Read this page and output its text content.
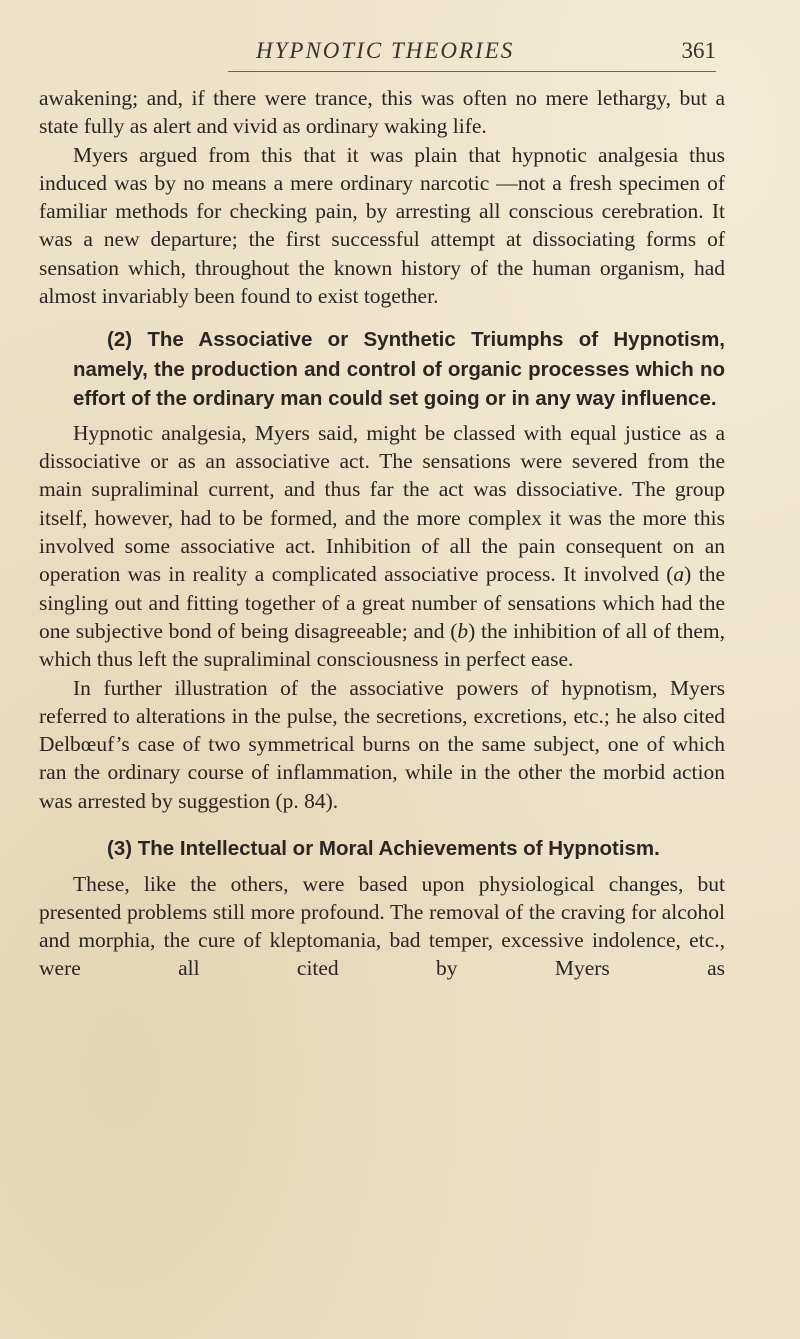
HYPNOTIC THEORIES	361

awakening; and, if there were trance, this was often no mere lethargy, but a state fully as alert and vivid as ordinary waking life.

Myers argued from this that it was plain that hypnotic analgesia thus induced was by no means a mere ordinary narcotic —not a fresh specimen of familiar methods for checking pain, by arresting all conscious cerebration. It was a new departure; the first successful attempt at dissociating forms of sensation which, throughout the known history of the human organism, had almost invariably been found to exist together.

(2) The Associative or Synthetic Triumphs of Hypnotism, namely, the production and control of organic processes which no effort of the ordinary man could set going or in any way influence.

Hypnotic analgesia, Myers said, might be classed with equal justice as a dissociative or as an associative act. The sensations were severed from the main supraliminal current, and thus far the act was dissociative. The group itself, however, had to be formed, and the more complex it was the more this involved some associative act. Inhibition of all the pain consequent on an operation was in reality a complicated associative process. It involved (a) the singling out and fitting together of a great number of sensations which had the one subjective bond of being disagreeable; and (b) the inhibition of all of them, which thus left the supraliminal consciousness in perfect ease.

In further illustration of the associative powers of hypnotism, Myers referred to alterations in the pulse, the secretions, excretions, etc.; he also cited Delbœuf’s case of two symmetrical burns on the same subject, one of which ran the ordinary course of inflammation, while in the other the morbid action was arrested by suggestion (p. 84).

(3) The Intellectual or Moral Achievements of Hypnotism.

These, like the others, were based upon physiological changes, but presented problems still more profound. The removal of the craving for alcohol and morphia, the cure of kleptomania, bad temper, excessive indolence, etc., were all cited by Myers as
